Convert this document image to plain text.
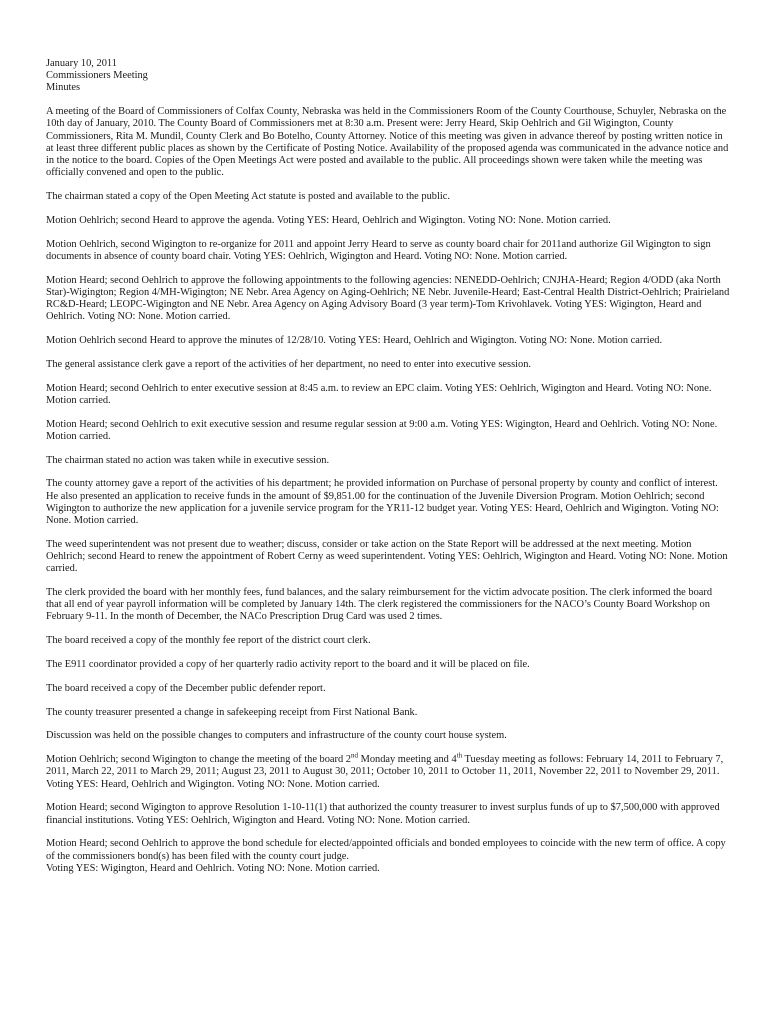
January 10, 2011

Commissioners Meeting

Minutes

A meeting of the Board of Commissioners of Colfax County, Nebraska was held in the Commissioners Room of the County Courthouse, Schuyler, Nebraska on the 10th day of January, 2010. The County Board of Commissioners met at 8:30 a.m. Present were: Jerry Heard, Skip Oehlrich and Gil Wigington, County Commissioners, Rita M. Mundil, County Clerk and Bo Botelho, County Attorney. Notice of this meeting was given in advance thereof by posting written notice in at least three different public places as shown by the Certificate of Posting Notice. Availability of the proposed agenda was communicated in the advance notice and in the notice to the board. Copies of the Open Meetings Act were posted and available to the public. All proceedings shown were taken while the meeting was officially convened and open to the public.

The chairman stated a copy of the Open Meeting Act statute is posted and available to the public.

Motion Oehlrich; second Heard to approve the agenda. Voting YES: Heard, Oehlrich and Wigington. Voting NO: None. Motion carried.

Motion Oehlrich, second Wigington to re-organize for 2011 and appoint Jerry Heard to serve as county board chair for 2011and authorize Gil Wigington to sign documents in absence of county board chair. Voting YES: Oehlrich, Wigington and Heard. Voting NO: None. Motion carried.

Motion Heard; second Oehlrich to approve the following appointments to the following agencies: NENEDD-Oehlrich; CNJHA-Heard; Region 4/ODD (aka North Star)-Wigington; Region 4/MH-Wigington; NE Nebr. Area Agency on Aging-Oehlrich; NE Nebr. Juvenile-Heard; East-Central Health District-Oehlrich; Prairieland RC&D-Heard; LEOPC-Wigington and NE Nebr. Area Agency on Aging Advisory Board (3 year term)-Tom Krivohlavek. Voting YES: Wigington, Heard and Oehlrich. Voting NO: None. Motion carried.

Motion Oehlrich second Heard to approve the minutes of 12/28/10. Voting YES: Heard, Oehlrich and Wigington. Voting NO: None. Motion carried.

The general assistance clerk gave a report of the activities of her department, no need to enter into executive session.

Motion Heard; second Oehlrich to enter executive session at 8:45 a.m. to review an EPC claim. Voting YES: Oehlrich, Wigington and Heard. Voting NO: None. Motion carried.

Motion Heard; second Oehlrich to exit executive session and resume regular session at 9:00 a.m. Voting YES: Wigington, Heard and Oehlrich. Voting NO: None. Motion carried.

The chairman stated no action was taken while in executive session.

The county attorney gave a report of the activities of his department; he provided information on Purchase of personal property by county and conflict of interest. He also presented an application to receive funds in the amount of $9,851.00 for the continuation of the Juvenile Diversion Program. Motion Oehlrich; second Wigington to authorize the new application for a juvenile service program for the YR11-12 budget year. Voting YES: Heard, Oehlrich and Wigington. Voting NO: None. Motion carried.

The weed superintendent was not present due to weather; discuss, consider or take action on the State Report will be addressed at the next meeting. Motion Oehlrich; second Heard to renew the appointment of Robert Cerny as weed superintendent. Voting YES: Oehlrich, Wigington and Heard. Voting NO: None. Motion carried.

The clerk provided the board with her monthly fees, fund balances, and the salary reimbursement for the victim advocate position. The clerk informed the board that all end of year payroll information will be completed by January 14th. The clerk registered the commissioners for the NACO’s County Board Workshop on February 9-11. In the month of December, the NACo Prescription Drug Card was used 2 times.

The board received a copy of the monthly fee report of the district court clerk.

The E911 coordinator provided a copy of her quarterly radio activity report to the board and it will be placed on file.

The board received a copy of the December public defender report.

The county treasurer presented a change in safekeeping receipt from First National Bank.

Discussion was held on the possible changes to computers and infrastructure of the county court house system.

Motion Oehlrich; second Wigington to change the meeting of the board 2nd Monday meeting and 4th Tuesday meeting as follows: February 14, 2011 to February 7, 2011, March 22, 2011 to March 29, 2011; August 23, 2011 to August 30, 2011; October 10, 2011 to October 11, 2011, November 22, 2011 to November 29, 2011. Voting YES: Heard, Oehlrich and Wigington. Voting NO: None. Motion carried.

Motion Heard; second Wigington to approve Resolution 1-10-11(1) that authorized the county treasurer to invest surplus funds of up to $7,500,000 with approved financial institutions. Voting YES: Oehlrich, Wigington and Heard. Voting NO: None. Motion carried.

Motion Heard; second Oehlrich to approve the bond schedule for elected/appointed officials and bonded employees to coincide with the new term of office. A copy of the commissioners bond(s) has been filed with the county court judge.
Voting YES: Wigington, Heard and Oehlrich. Voting NO: None. Motion carried.
